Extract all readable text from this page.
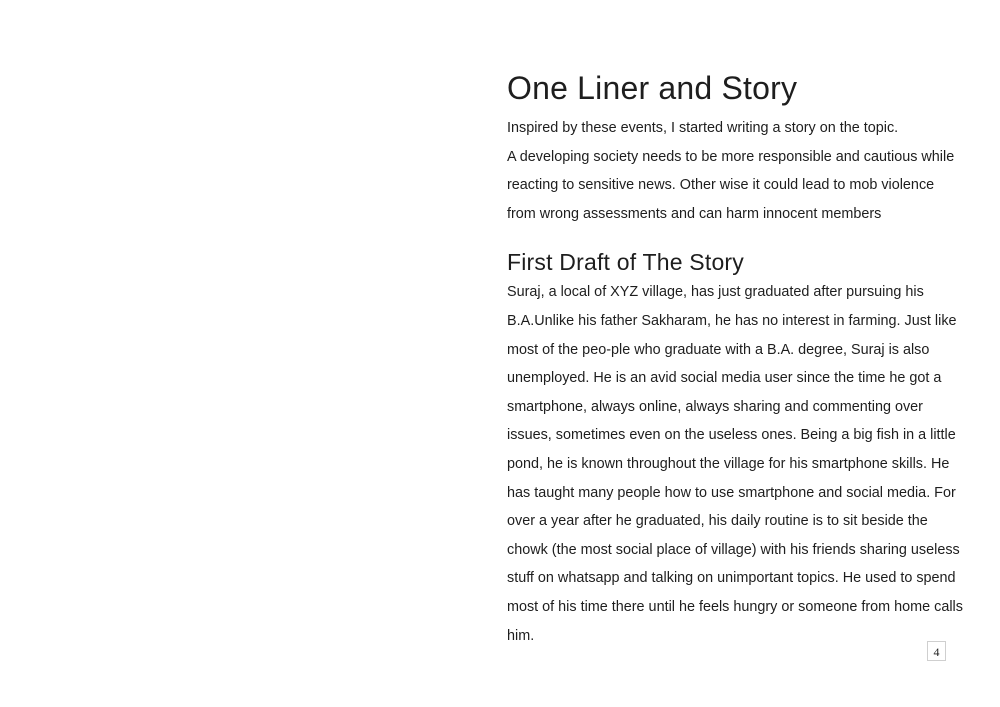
One Liner and Story

Inspired by these events, I started writing a story on the topic.

A developing society needs to be more responsible and cautious while reacting to sensitive news. Other wise it could lead to mob violence from wrong assessments and can harm innocent members

First Draft of The Story

Suraj, a local of XYZ village, has just graduated after pursuing his B.A.Unlike his father Sakharam, he has no interest in farming. Just like most of the peo-ple who graduate with a B.A. degree, Suraj is also unemployed. He is an avid social media user since the time he got a smartphone, always online, always sharing and commenting over issues, sometimes even on the useless ones. Being a big fish in a little pond, he is known throughout the village for his smartphone skills. He has taught many people how to use smartphone and social media. For over a year after he graduated, his daily routine is to sit beside the chowk (the most social place of village) with his friends sharing useless stuff on whatsapp and talking on unimportant topics. He used to spend most of his time there until he feels hungry or someone from home calls him.

4
